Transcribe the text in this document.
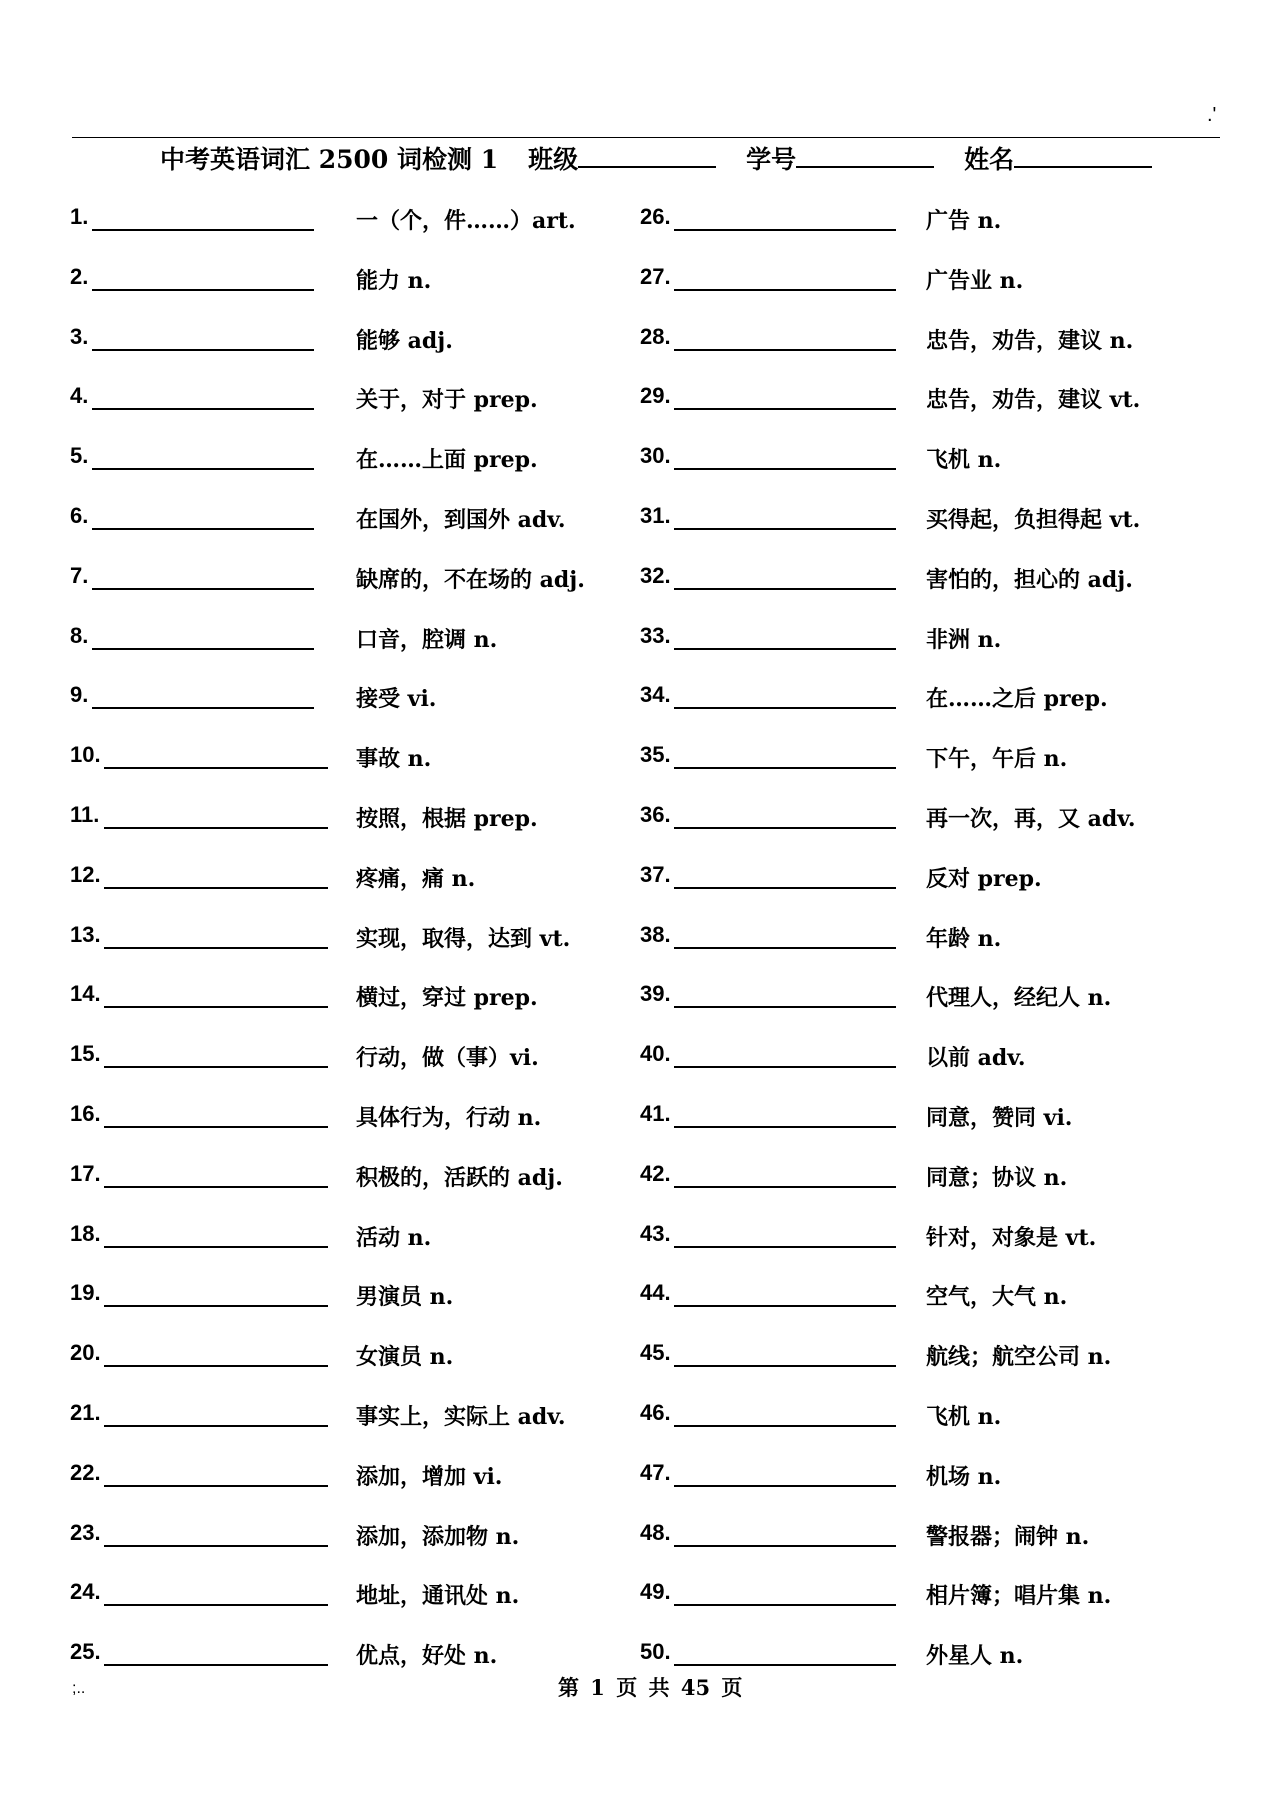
.'
中考英语词汇 2500 词检测 1 班级	学号	姓名
1.	一（个，件……）art.
2.	能力 n.
3.	能够 adj.
4.	关于，对于 prep.
5.	在……上面 prep.
6.	在国外，到国外 adv.
7.	缺席的，不在场的 adj.
8.	口音，腔调 n.
9.	接受 vi.
10.	事故 n.
11.	按照，根据 prep.
12.	疼痛，痛 n.
13.	实现，取得，达到 vt.
14.	横过，穿过 prep.
15.	行动，做（事）vi.
16.	具体行为，行动 n.
17.	积极的，活跃的 adj.
18.	活动 n.
19.	男演员 n.
20.	女演员 n.
21.	事实上，实际上 adv.
22.	添加，增加 vi.
23.	添加，添加物 n.
24.	地址，通讯处 n.
25.	优点，好处 n.
26.	广告 n.
27.	广告业 n.
28.	忠告，劝告，建议 n.
29.	忠告，劝告，建议 vt.
30.	飞机 n.
31.	买得起，负担得起 vt.
32.	害怕的，担心的 adj.
33.	非洲 n.
34.	在……之后 prep.
35.	下午，午后 n.
36.	再一次，再，又 adv.
37.	反对 prep.
38.	年龄 n.
39.	代理人，经纪人 n.
40.	以前 adv.
41.	同意，赞同 vi.
42.	同意；协议 n.
43.	针对，对象是 vt.
44.	空气，大气 n.
45.	航线；航空公司 n.
46.	飞机 n.
47.	机场 n.
48.	警报器；闹钟 n.
49.	相片簿；唱片集 n.
50.	外星人 n.
;..	第 1 页 共 45 页
